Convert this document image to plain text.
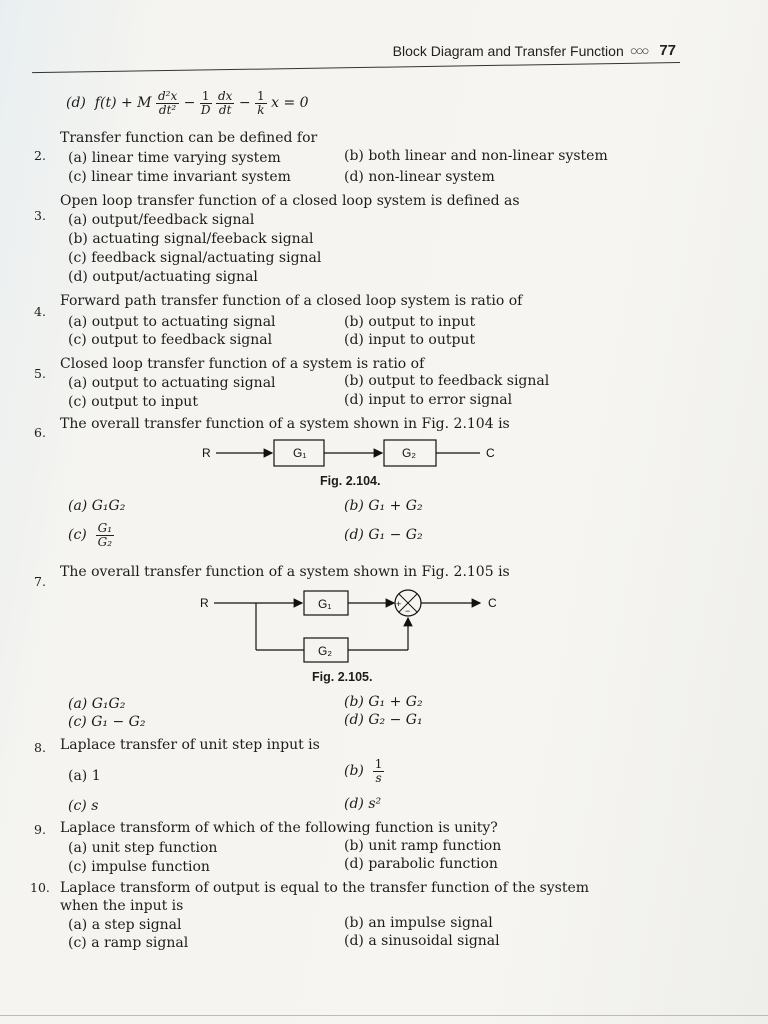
Block Diagram and Transfer Function ○○○ 77
(d) f(t) + M $\frac{\text{d²x}}{\text{dt²}} - \frac{1}{D}$
$\frac{dx}{dt} - \frac{1}{k}$ x = 0
2.
Transfer function can be defined for
(a) linear time varying system	(b) both linear and non-linear system
(c) linear time invariant system	(d) non-linear system
3.
Open loop transfer function of a closed loop system is defined as
(a) output/feedback signal
(b) actuating signal/feeback signal
(c) feedback signal/actuating signal
(d) output/actuating signal
4.
Forward path transfer function of a closed loop system is ratio of
(a) output to actuating signal	(b) output to input
(c) output to feedback signal	(d) input to output
5.
Closed loop transfer function of a system is ratio of
(a) output to actuating signal	(b) output to feedback signal
(c) output to input	(d) input to error signal
6.
The overall transfer function of a system shown in Fig. 2.104 is
R	G₁	G₂	C
Fig. 2.104.
(a) G₁G₂	(b) G₁ + G₂
$(c) \frac{\text{G₁}}{\text{G₂}}$	(d) G₁ − G₂
7.
The overall transfer function of a system shown in Fig. 2.105 is
R	G₁	+
−
C
G₂
Fig. 2.105.
(a) G₁G₂	(b) G₁ + G₂
(c) G₁ − G₂	(d) G₂ − G₁
8. Laplace transfer of unit step input is
(a) 1	$(b) \frac{1}{s}$
(c) s	(d) s²
9. Laplace transform of which of the following function is unity?
(a) unit step function	(b) unit ramp function
(c) impulse function	(d) parabolic function
10. Laplace transform of output is equal to the transfer function of the system
when the input is
(a) a step signal	(b) an impulse signal
(c) a ramp signal	(d) a sinusoidal signal
